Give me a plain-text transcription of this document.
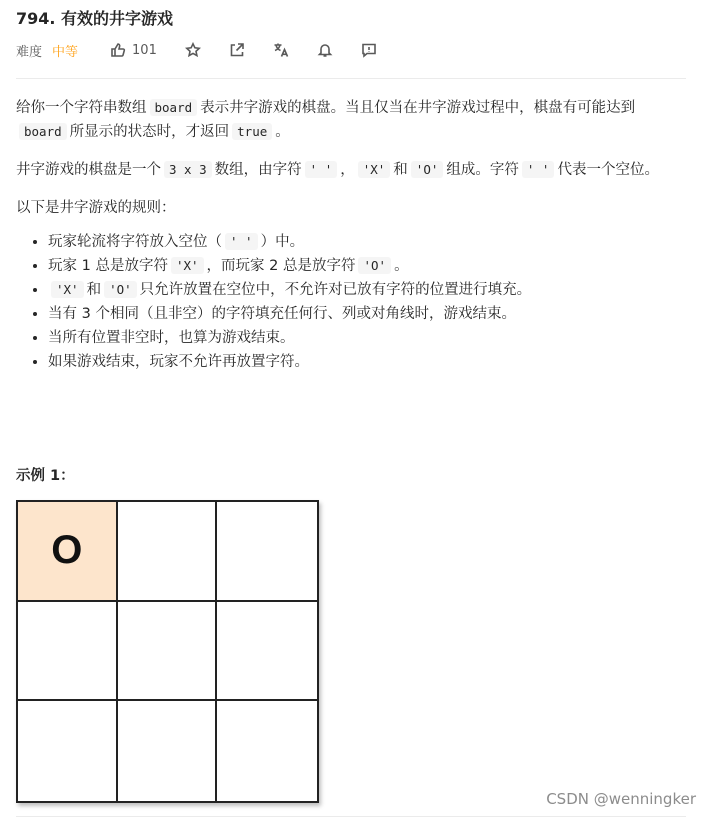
794. 有效的井字游戏
难度 中等	101

给你一个字符串数组 board 表示井字游戏的棋盘。当且仅当在井字游戏过程中，棋盘有可能达到board 所显示的状态时，才返回 true 。

井字游戏的棋盘是一个 3 x 3 数组，由字符 ' ' ， 'X' 和 'O' 组成。字符 ' ' 代表一个空位。

以下是井字游戏的规则：

• 玩家轮流将字符放入空位（ ' ' ）中。
• 玩家 1 总是放字符 'X' ，而玩家 2 总是放字符 'O' 。
• 'X' 和 'O' 只允许放置在空位中，不允许对已放有字符的位置进行填充。
• 当有 3 个相同（且非空）的字符填充任何行、列或对角线时，游戏结束。
• 当所有位置非空时，也算为游戏结束。
• 如果游戏结束，玩家不允许再放置字符。
示例 1：
O
CSDN @wenningker
